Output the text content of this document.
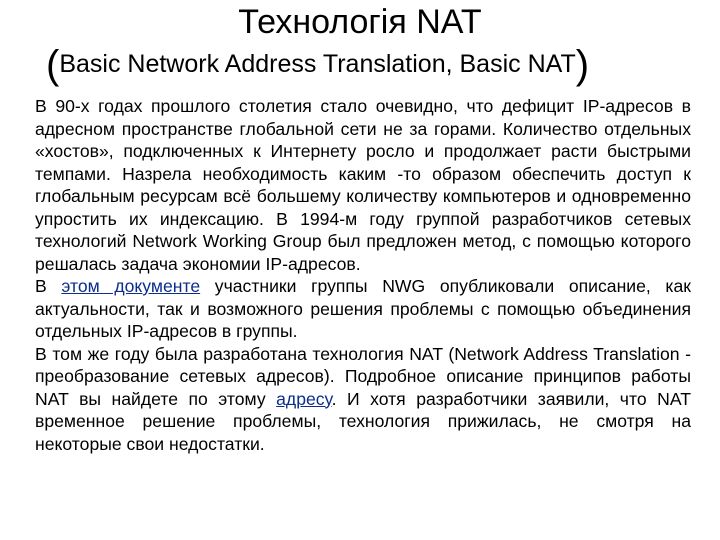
Технологія NAT
(Basic Network Address Translation, Basic NAT)

В 90-х годах прошлого столетия стало очевидно, что дефицит IP-адресов в адресном пространстве глобальной сети не за горами. Количество отдельных «хостов», подключенных к Интернету росло и продолжает расти быстрыми темпами. Назрела необходимость каким -то образом обеспечить доступ к глобальным ресурсам всё большему количеству компьютеров и одновременно упростить их индексацию. В 1994-м году группой разработчиков сетевых технологий Network Working Group был предложен метод, с помощью которого решалась задача экономии IP-адресов.

В этом документе участники группы NWG опубликовали описание, как актуальности, так и возможного решения проблемы с помощью объединения отдельных IP-адресов в группы.

В том же году была разработана технология NAT (Network Address Translation - преобразование сетевых адресов). Подробное описание принципов работы NAT вы найдете по этому адресу. И хотя разработчики заявили, что NAT временное решение проблемы, технология прижилась, не смотря на некоторые свои недостатки.
